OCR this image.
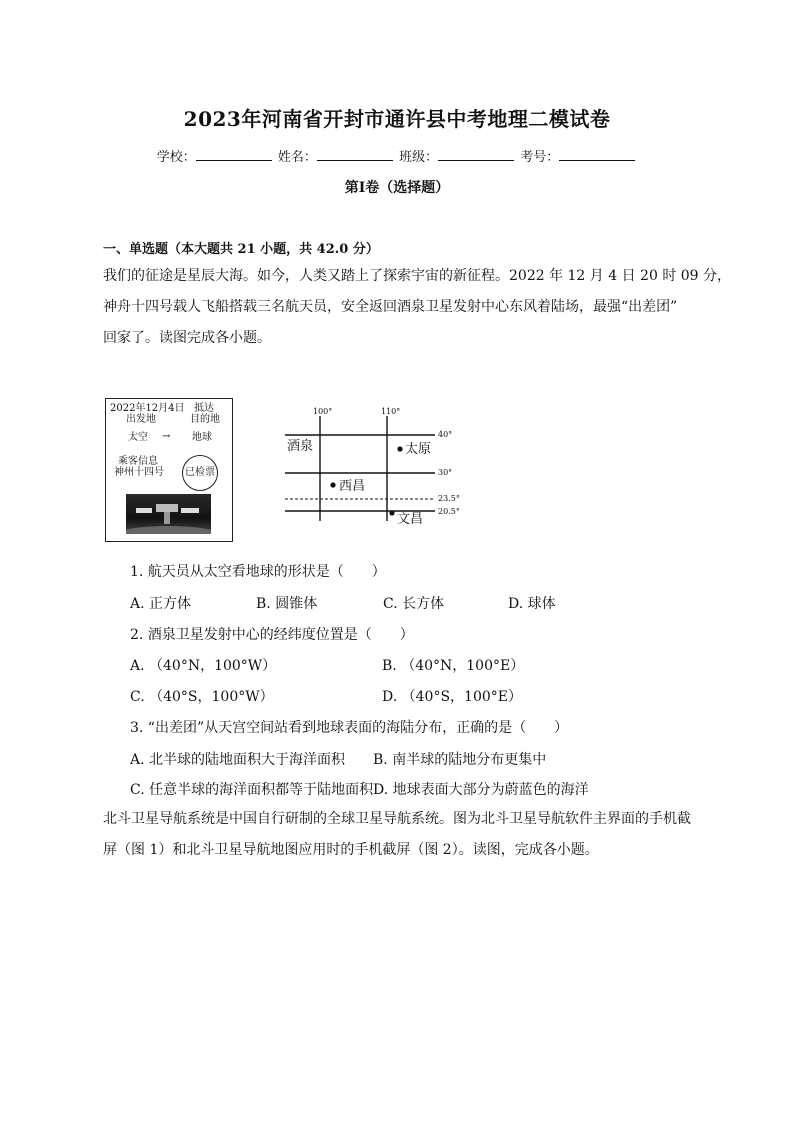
2023年河南省开封市通许县中考地理二模试卷
学校：	姓名：	班级：	考号：
第I卷（选择题）
一、单选题（本大题共 21 小题，共 42.0 分）
我们的征途是星辰大海。如今，人类又踏上了探索宇宙的新征程。2022 年 12 月 4 日 20 时 09 分，
神舟十四号载人飞船搭载三名航天员，安全返回酒泉卫星发射中心东风着陆场，最强“出差团”
回家了。读图完成各小题。
2022年12月4日
出发地
抵达
目的地
太空 → 地球
乘客信息
神州十四号	已检票
100°	110°
40°
30°
23.5°
20.5°
酒泉	太原
西昌
文昌
1. 航天员从太空看地球的形状是（　　）
A. 正方体	B. 圆锥体	C. 长方体	D. 球体
2. 酒泉卫星发射中心的经纬度位置是（　　）
A. （40°N，100°W）	B. （40°N，100°E）
C. （40°S，100°W）	D. （40°S，100°E）
3. “出差团”从天宫空间站看到地球表面的海陆分布，正确的是（　　）
A. 北半球的陆地面积大于海洋面积 B. 南半球的陆地分布更集中
C. 任意半球的海洋面积都等于陆地面积 D. 地球表面大部分为蔚蓝色的海洋
北斗卫星导航系统是中国自行研制的全球卫星导航系统。图为北斗卫星导航软件主界面的手机截
屏（图 1）和北斗卫星导航地图应用时的手机截屏（图 2）。读图，完成各小题。
